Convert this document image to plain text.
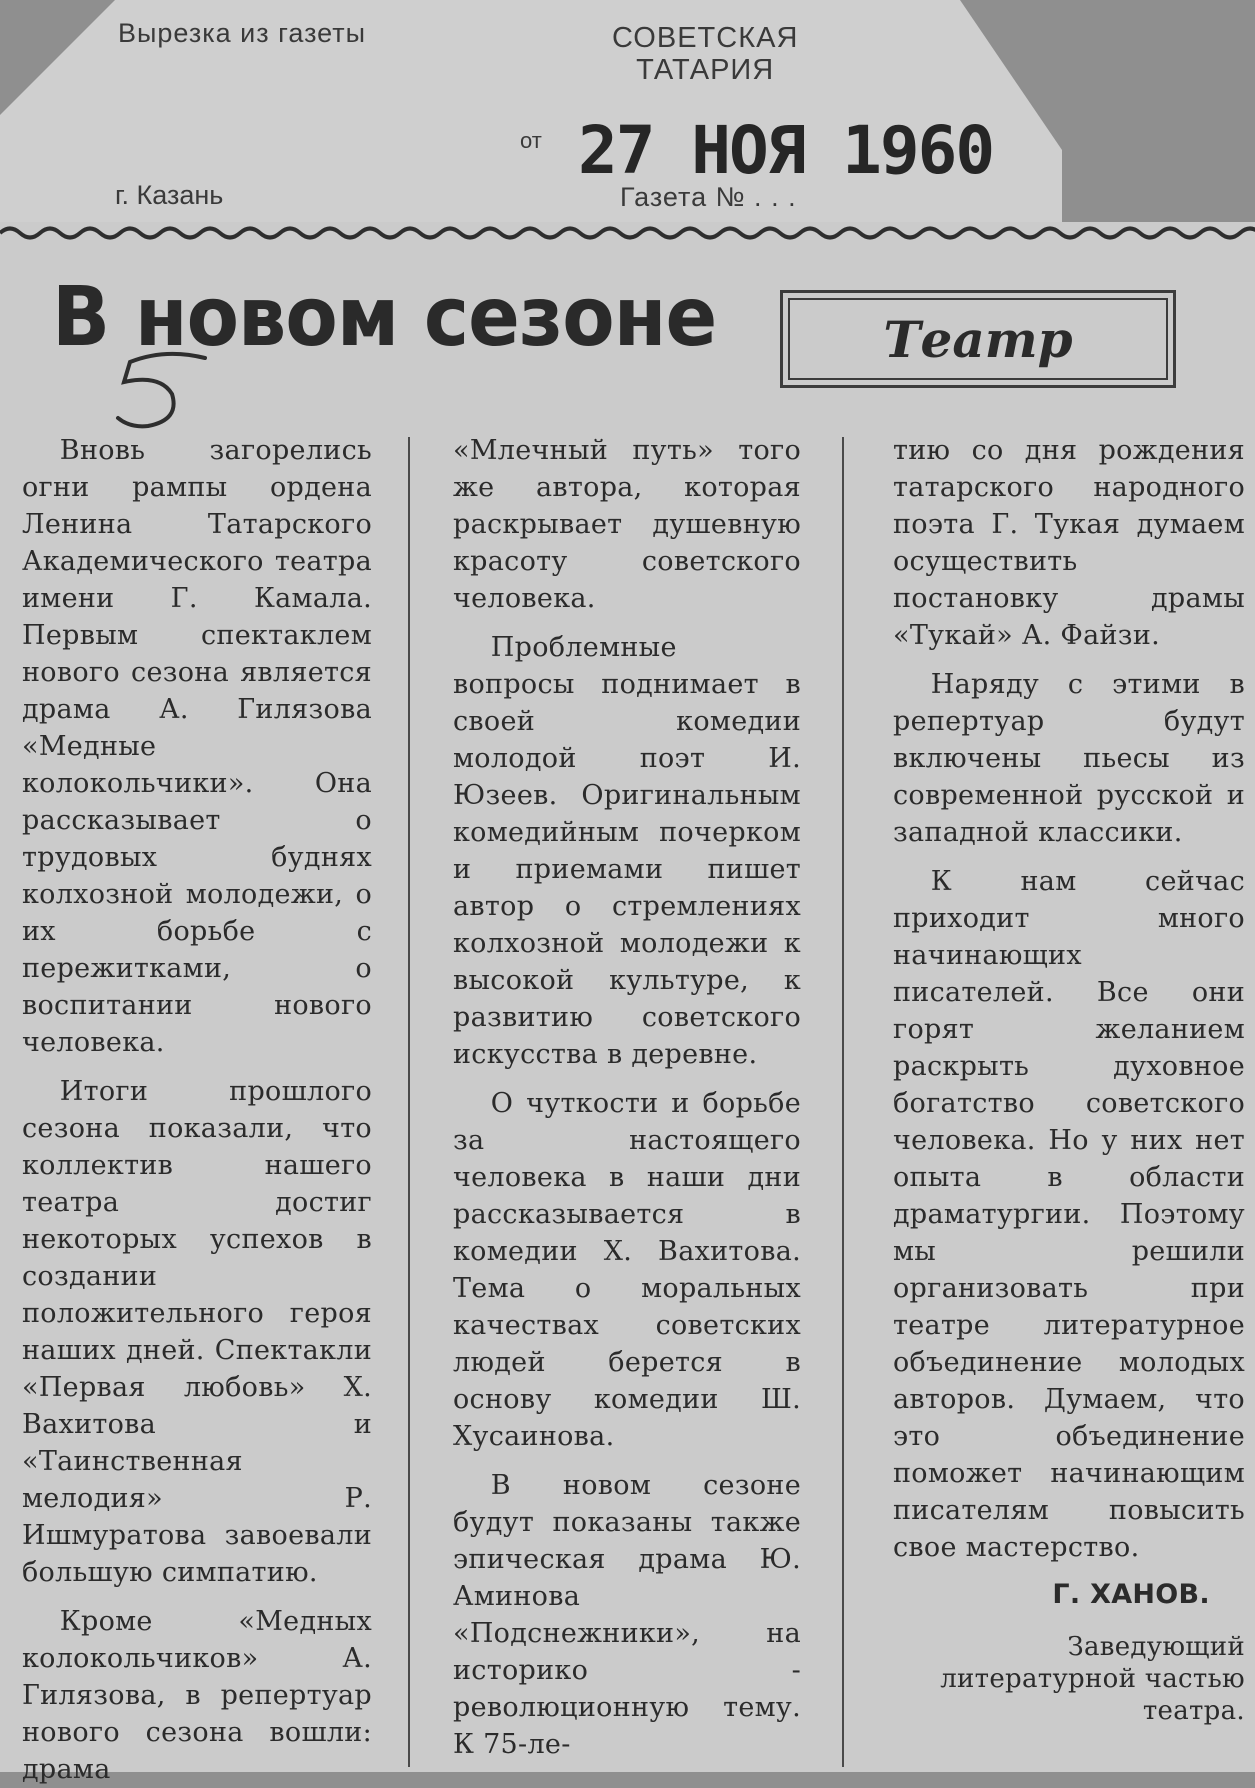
Вырезка из газеты	СОВЕТСКАЯ
ТАТАРИЯ
от 27 НОЯ 1960
г. Казань	Газета № . . .
В новом сезоне	Театр

Вновь загорелись огни рампы ордена Ленина Татарского Академического театра имени Г. Камала. Первым спектаклем нового сезона является драма А. Гилязова «Медные колокольчики». Она рассказывает о трудовых буднях колхозной молодежи, о их борьбе с пережитками, о воспитании нового человека.

Итоги прошлого сезона показали, что коллектив нашего театра достиг некоторых успехов в создании положительного героя наших дней. Спектакли «Первая любовь» Х. Вахитова и «Таинственная мелодия» Р. Ишмуратова завоевали большую симпатию.

Кроме «Медных колокольчиков» А. Гилязова, в репертуар нового сезона вошли: драма

«Млечный путь» того же автора, которая раскрывает душевную красоту советского человека.

Проблемные вопросы поднимает в своей комедии молодой поэт И. Юзеев. Оригинальным комедийным почерком и приемами пишет автор о стремлениях колхозной молодежи к высокой культуре, к развитию советского искусства в деревне.

О чуткости и борьбе за настоящего человека в наши дни рассказывается в комедии Х. Вахитова. Тема о моральных качествах советских людей берется в основу комедии Ш. Хусаинова.

В новом сезоне будут показаны также эпическая драма Ю. Аминова «Подснежники», на историко - революционную тему. К 75-ле-

тию со дня рождения татарского народного поэта Г. Тукая думаем осуществить постановку драмы «Тукай» А. Файзи.

Наряду с этими в репертуар будут включены пьесы из современной русской и западной классики.

К нам сейчас приходит много начинающих писателей. Все они горят желанием раскрыть духовное богатство советского человека. Но у них нет опыта в области драматургии. Поэтому мы решили организовать при театре литературное объединение молодых авторов. Думаем, что это объединение поможет начинающим писателям повысить свое мастерство.

Г. ХАНОВ.

Заведующий литературной частью театра.
